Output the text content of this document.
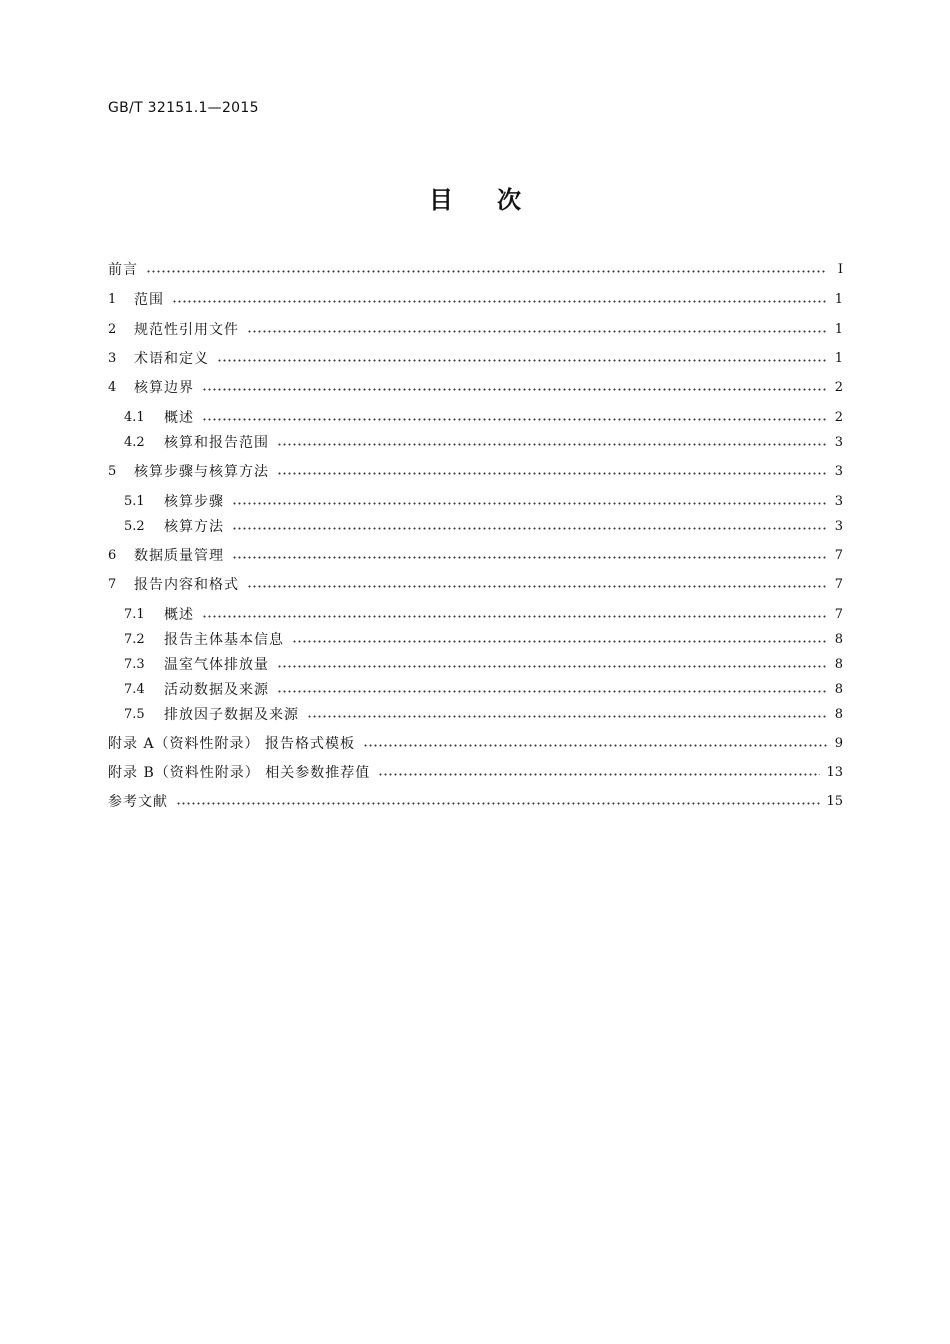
GB/T 32151.1—2015
目 次
前言	Ⅰ
1	范围	1
2	规范性引用文件	1
3	术语和定义	1
4	核算边界	2
4.1	概述	2
4.2	核算和报告范围	3
5	核算步骤与核算方法	3
5.1	核算步骤	3
5.2	核算方法	3
6	数据质量管理	7
7	报告内容和格式	7
7.1	概述	7
7.2	报告主体基本信息	8
7.3	温室气体排放量	8
7.4	活动数据及来源	8
7.5	排放因子数据及来源	8
附录 A（资料性附录） 报告格式模板	9
附录 B（资料性附录） 相关参数推荐值	13
参考文献	15
